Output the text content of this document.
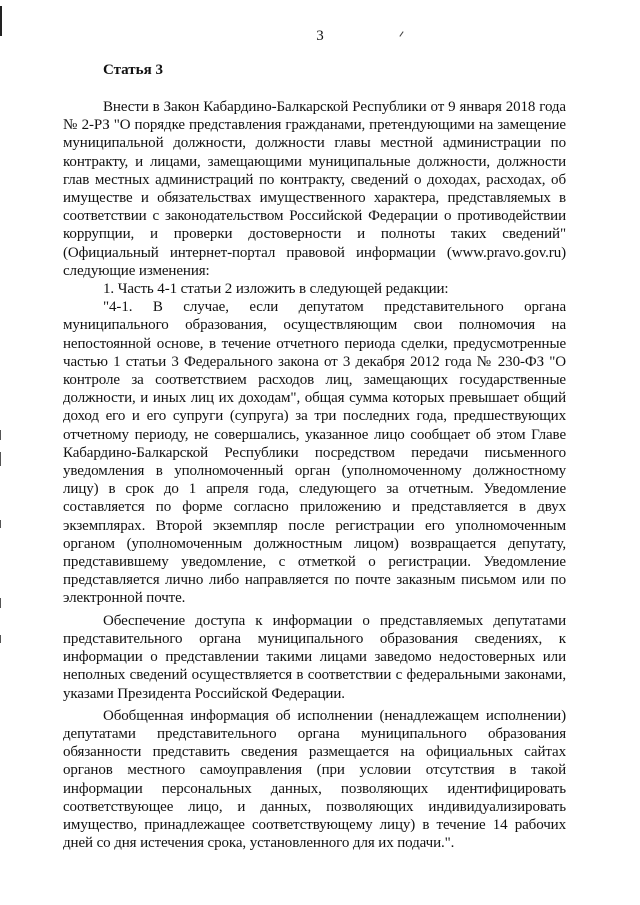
3
Статья 3

Внести в Закон Кабардино-Балкарской Республики от 9 января 2018 года № 2-РЗ "О порядке представления гражданами, претендующими на замещение муниципальной должности, должности главы местной администрации по контракту, и лицами, замещающими муниципальные должности, должности глав местных администраций по контракту, сведений о доходах, расходах, об имуществе и обязательствах имущественного характера, представляемых в соответствии с законодательством Российской Федерации о противодействии коррупции, и проверки достоверности и полноты таких сведений" (Официальный интернет-портал правовой информации (www.pravo.gov.ru) следующие изменения:

1. Часть 4-1 статьи 2 изложить в следующей редакции:

"4-1. В случае, если депутатом представительного органа муниципального образования, осуществляющим свои полномочия на непостоянной основе, в течение отчетного периода сделки, предусмотренные частью 1 статьи 3 Федерального закона от 3 декабря 2012 года № 230-ФЗ "О контроле за соответствием расходов лиц, замещающих государственные должности, и иных лиц их доходам", общая сумма которых превышает общий доход его и его супруги (супруга) за три последних года, предшествующих отчетному периоду, не совершались, указанное лицо сообщает об этом Главе Кабардино-Балкарской Республики посредством передачи письменного уведомления в уполномоченный орган (уполномоченному должностному лицу) в срок до 1 апреля года, следующего за отчетным. Уведомление составляется по форме согласно приложению и представляется в двух экземплярах. Второй экземпляр после регистрации его уполномоченным органом (уполномоченным должностным лицом) возвращается депутату, представившему уведомление, с отметкой о регистрации. Уведомление представляется лично либо направляется по почте заказным письмом или по электронной почте.

Обеспечение доступа к информации о представляемых депутатами представительного органа муниципального образования сведениях, к информации о представлении такими лицами заведомо недостоверных или неполных сведений осуществляется в соответствии с федеральными законами, указами Президента Российской Федерации.

Обобщенная информация об исполнении (ненадлежащем исполнении) депутатами представительного органа муниципального образования обязанности представить сведения размещается на официальных сайтах органов местного самоуправления (при условии отсутствия в такой информации персональных данных, позволяющих идентифицировать соответствующее лицо, и данных, позволяющих индивидуализировать имущество, принадлежащее соответствующему лицу) в течение 14 рабочих дней со дня истечения срока, установленного для их подачи.".
